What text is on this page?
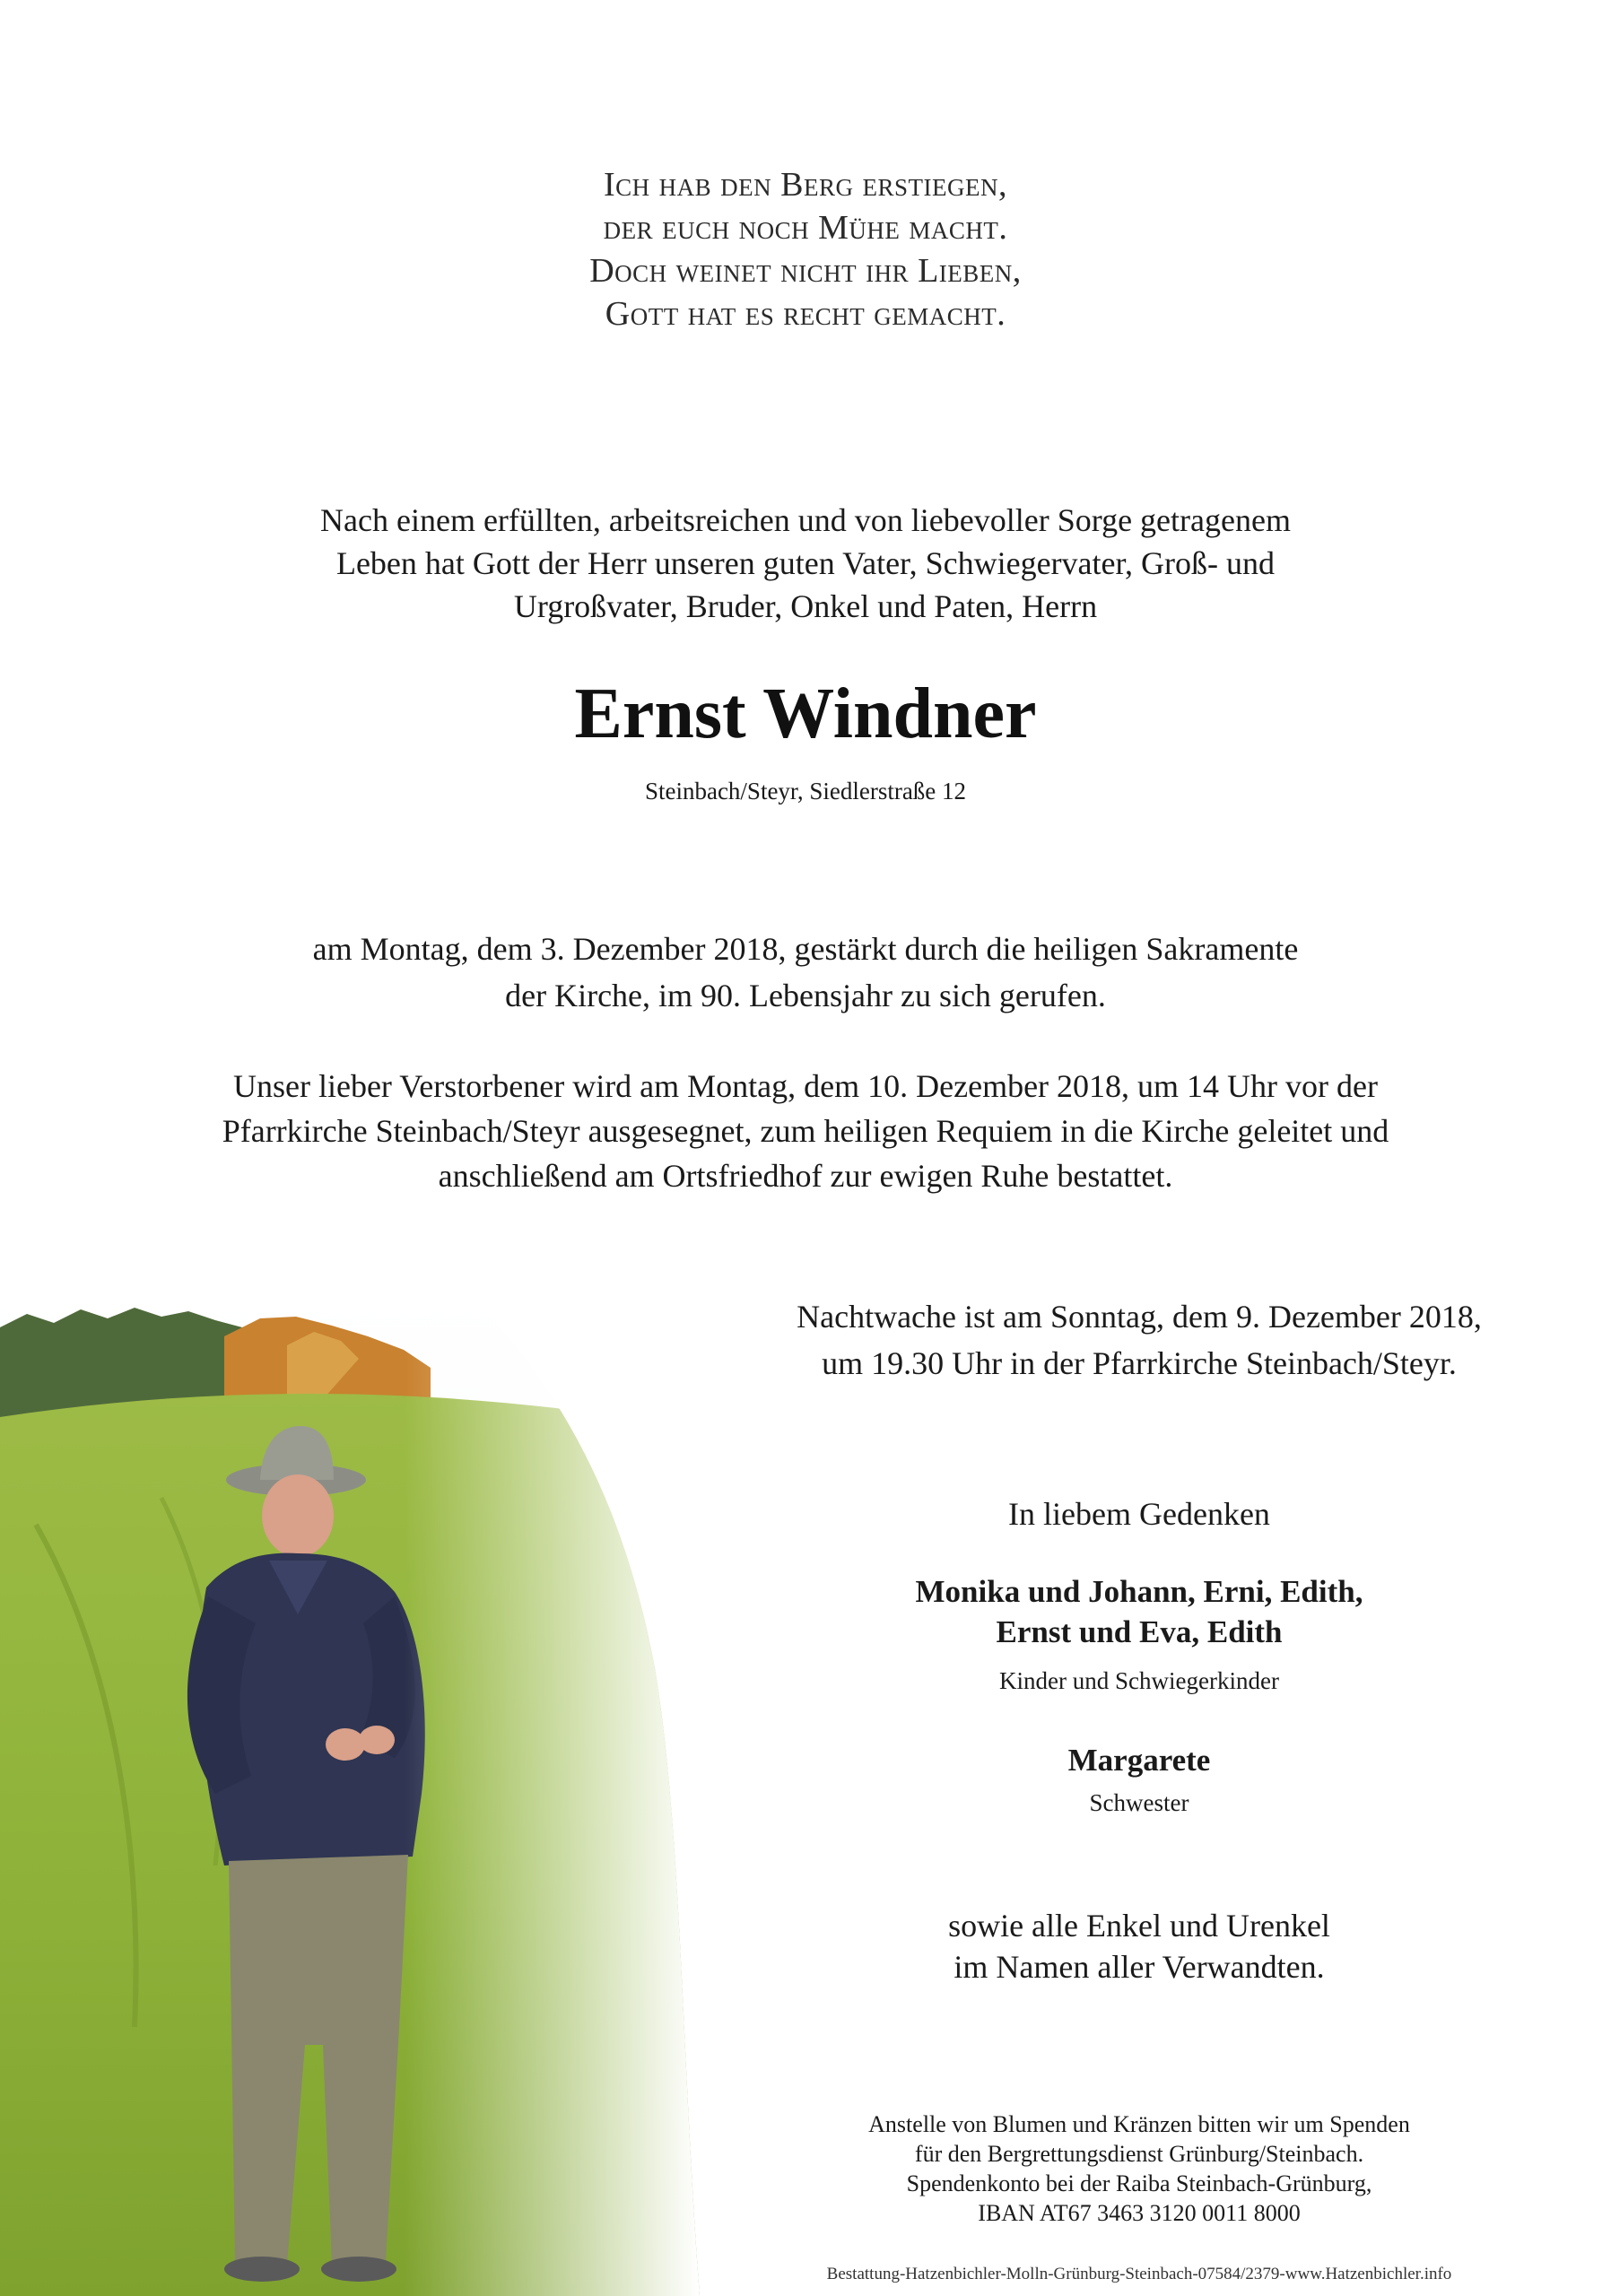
Ich hab den Berg erstiegen,
der euch noch Mühe macht.
Doch weinet nicht ihr Lieben,
Gott hat es recht gemacht.
Nach einem erfüllten, arbeitsreichen und von liebevoller Sorge getragenem
Leben hat Gott der Herr unseren guten Vater, Schwiegervater, Groß- und
Urgroßvater, Bruder, Onkel und Paten, Herrn
Ernst Windner
Steinbach/Steyr, Siedlerstraße 12
am Montag, dem 3. Dezember 2018, gestärkt durch die heiligen Sakramente
der Kirche, im 90. Lebensjahr zu sich gerufen.
Unser lieber Verstorbener wird am Montag, dem 10. Dezember 2018, um 14 Uhr vor der
Pfarrkirche Steinbach/Steyr ausgesegnet, zum heiligen Requiem in die Kirche geleitet und
anschließend am Ortsfriedhof zur ewigen Ruhe bestattet.
Nachtwache ist am Sonntag, dem 9. Dezember 2018,
um 19.30 Uhr in der Pfarrkirche Steinbach/Steyr.
In liebem Gedenken
Monika und Johann, Erni, Edith,
Ernst und Eva, Edith
Kinder und Schwiegerkinder
Margarete
Schwester
sowie alle Enkel und Urenkel
im Namen aller Verwandten.
Anstelle von Blumen und Kränzen bitten wir um Spenden
für den Bergrettungsdienst Grünburg/Steinbach.
Spendenkonto bei der Raiba Steinbach-Grünburg,
IBAN AT67 3463 3120 0011 8000
Bestattung-Hatzenbichler-Molln-Grünburg-Steinbach-07584/2379-www.Hatzenbichler.info
